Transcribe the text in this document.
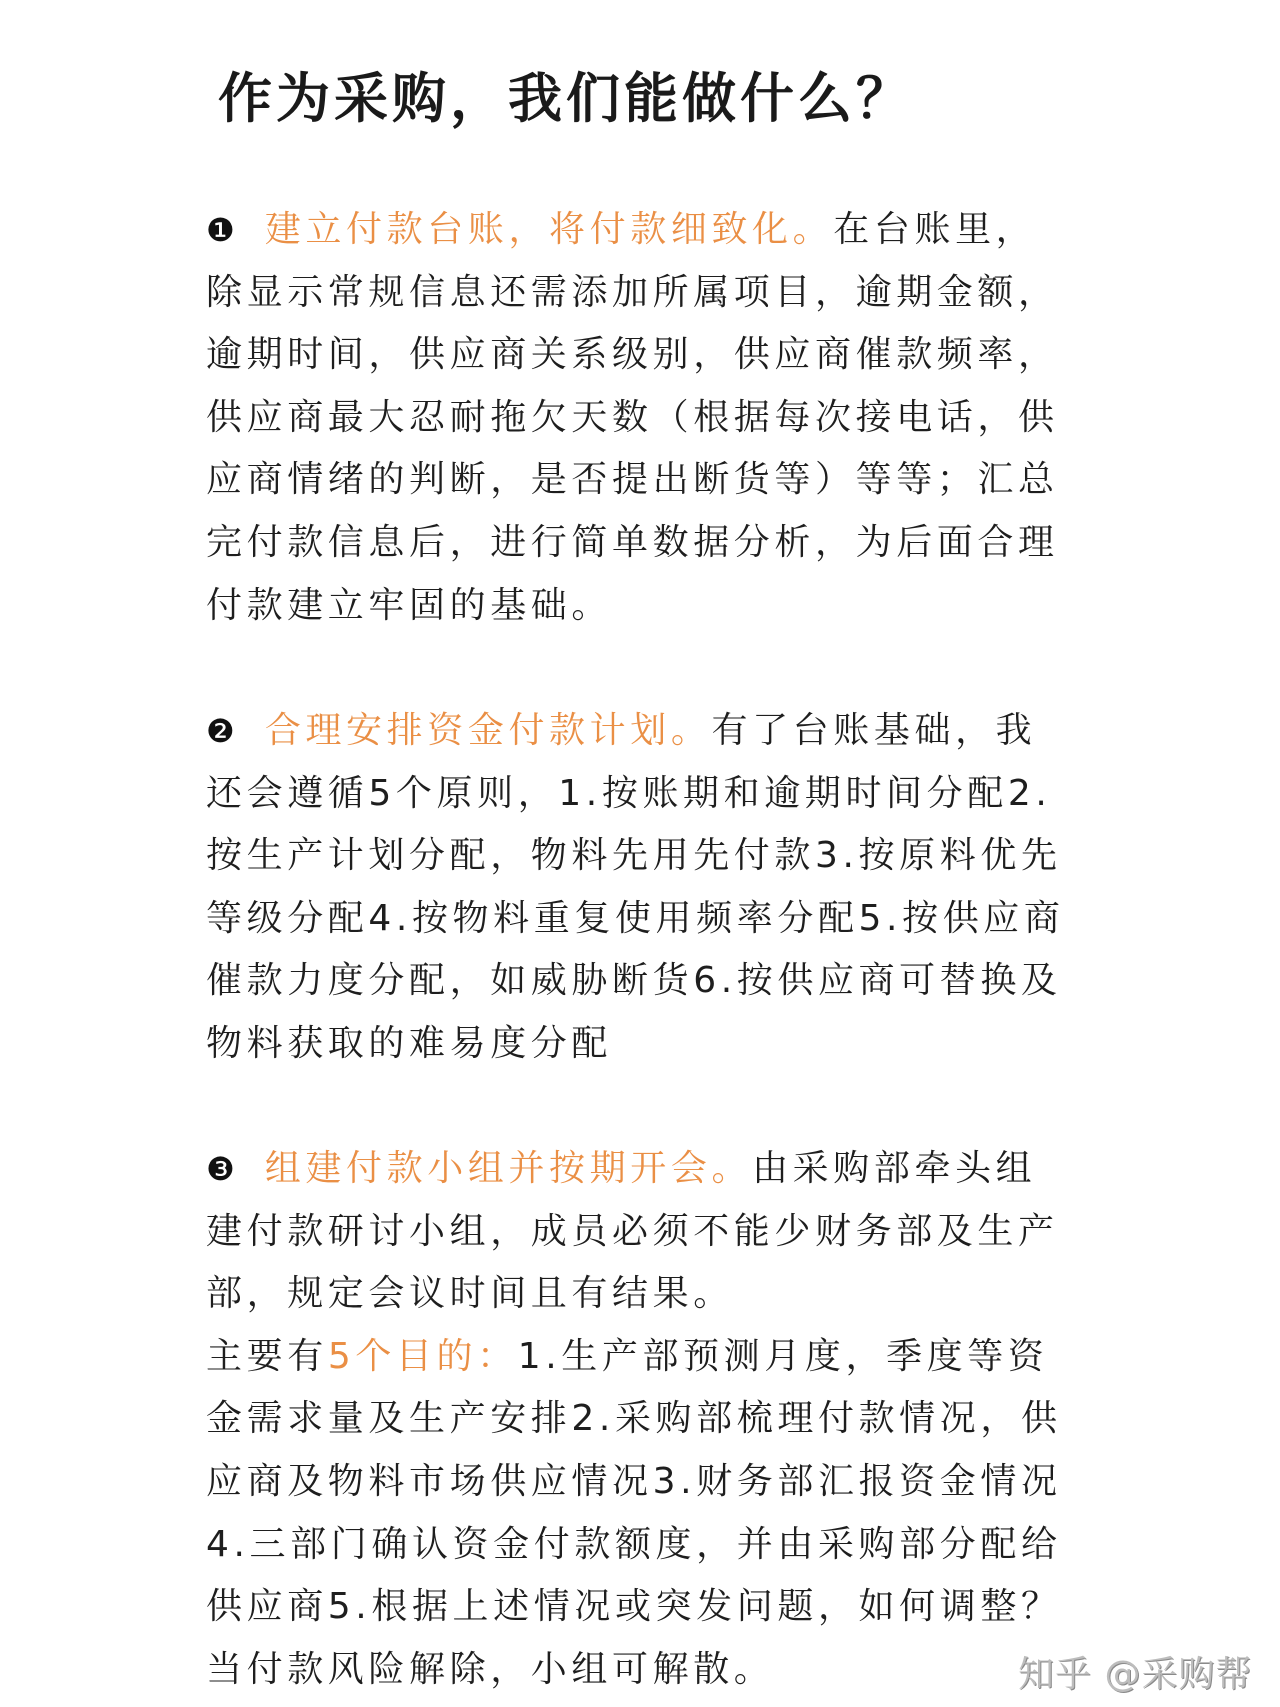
作为采购，我们能做什么？
❶ 建立付款台账，将付款细致化。在台账里，
除显示常规信息还需添加所属项目，逾期金额，
逾期时间，供应商关系级别，供应商催款频率，
供应商最大忍耐拖欠天数（根据每次接电话，供
应商情绪的判断，是否提出断货等）等等；汇总
完付款信息后，进行简单数据分析，为后面合理
付款建立牢固的基础。
❷ 合理安排资金付款计划。有了台账基础，我
还会遵循5个原则，1.按账期和逾期时间分配2.
按生产计划分配，物料先用先付款3.按原料优先
等级分配4.按物料重复使用频率分配5.按供应商
催款力度分配，如威胁断货6.按供应商可替换及
物料获取的难易度分配
❸ 组建付款小组并按期开会。由采购部牵头组
建付款研讨小组，成员必须不能少财务部及生产
部，规定会议时间且有结果。
主要有5个目的：1.生产部预测月度，季度等资
金需求量及生产安排2.采购部梳理付款情况，供
应商及物料市场供应情况3.财务部汇报资金情况
4.三部门确认资金付款额度，并由采购部分配给
供应商5.根据上述情况或突发问题，如何调整？
当付款风险解除，小组可解散。	知乎 @采购帮
